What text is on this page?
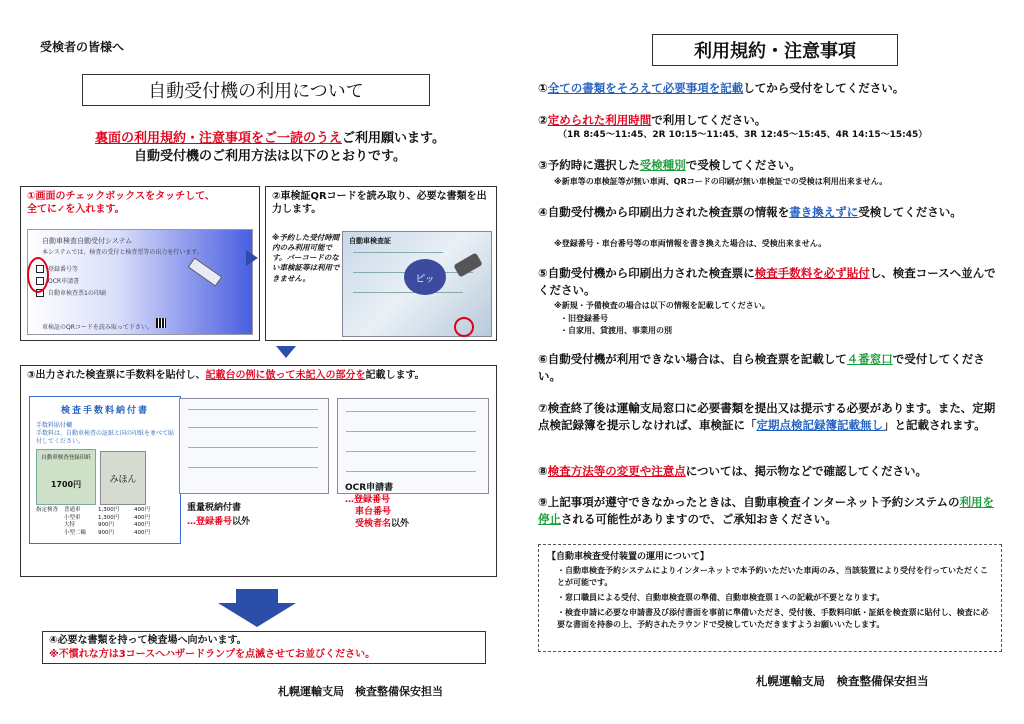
受検者の皆様へ
自動受付機の利用について
裏面の利用規約・注意事項をご一読のうえご利用願います。
自動受付機のご利用方法は以下のとおりです。
①画面のチェックボックスをタッチして、
全てに✓を入れます。
自動車検査自動受付システム
本システムでは、検査の受付と検査票等の出力を行います。
登録番号等
OCR申請書
自動車検査票1の印刷
車検証のQRコードを読み取って下さい。
②車検証QRコードを読み取り、必要な書類を出力します。
※予約した受付時間内のみ利用可能です。バーコードのない車検証等は利用できません。
自動車検査証
ピッ
③出力された検査票に手数料を貼付し、記載台の例に倣って未記入の部分を記載します。
検査手数料納付書
手数料貼付欄
手数料は、自動車検査の証紙と国の印紙を並べて貼付してください。
自動車検査登録印紙
1700円	みほん
指定検査	普通車	1,300円	400円
小型車	1,300円	400円
大特	900円	400円
小型二輪	900円	400円
重量税納付書
…登録番号以外
OCR申請書
…登録番号
車台番号
受検者名以外
④必要な書類を持って検査場へ向かいます。
※不慣れな方は3コースへハザードランプを点滅させてお並びください。
札幌運輸支局　検査整備保安担当
利用規約・注意事項
①全ての書類をそろえて必要事項を記載してから受付をしてください。
②定められた利用時間で利用してください。
（1R 8:45〜11:45、2R 10:15〜11:45、3R 12:45〜15:45、4R 14:15〜15:45）
③予約時に選択した受検種別で受検してください。
※新車等の車検証等が無い車両、QRコードの印刷が無い車検証での受検は利用出来ません。
④自動受付機から印刷出力された検査票の情報を書き換えずに受検してください。
※登録番号・車台番号等の車両情報を書き換えた場合は、受検出来ません。
⑤自動受付機から印刷出力された検査票に検査手数料を必ず貼付し、検査コースへ並んでください。
※新規・予備検査の場合は以下の情報を記載してください。
・旧登録番号
・自家用、貸渡用、事業用の別
⑥自動受付機が利用できない場合は、自ら検査票を記載して４番窓口で受付してください。
⑦検査終了後は運輸支局窓口に必要書類を提出又は提示する必要があります。また、定期点検記録簿を提示しなければ、車検証に「定期点検記録簿記載無し」と記載されます。
⑧検査方法等の変更や注意点については、掲示物などで確認してください。
⑨上記事項が遵守できなかったときは、自動車検査インターネット予約システムの利用を停止される可能性がありますので、ご承知おきください。
【自動車検査受付装置の運用について】
・自動車検査予約システムによりインターネットで本予約いただいた車両のみ、当該装置により受付を行っていただくことが可能です。
・窓口職員による受付、自動車検査票の準備、自動車検査票１への記載が不要となります。
・検査申請に必要な申請書及び添付書面を事前に準備いただき、受付後、手数料印紙・証紙を検査票に貼付し、検査に必要な書面を持参の上、予約されたラウンドで受検していただきますようお願いいたします。
札幌運輸支局　検査整備保安担当
